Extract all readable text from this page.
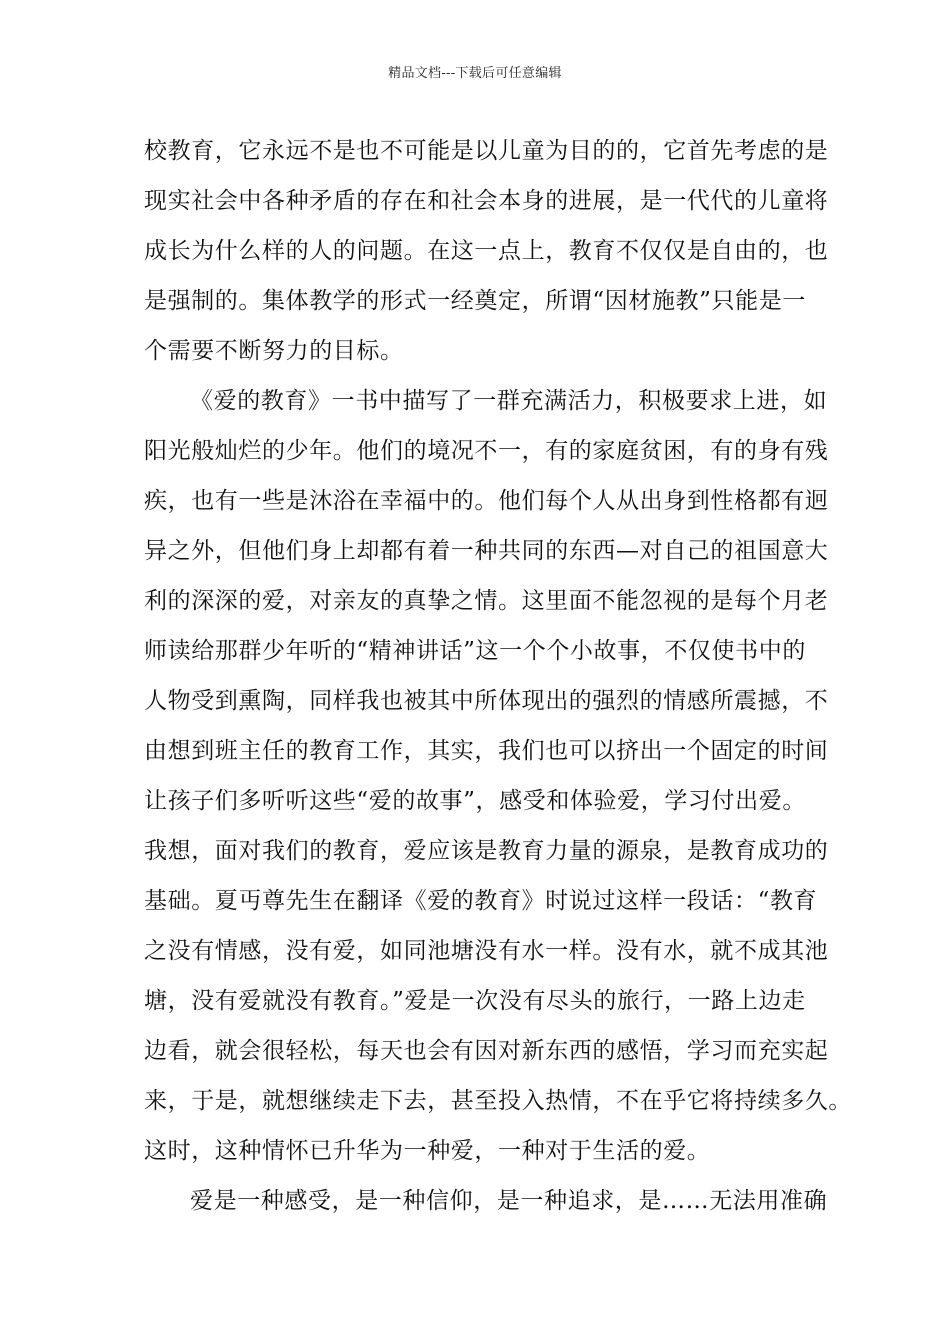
精品文档---下载后可任意编辑
校教育，它永远不是也不可能是以儿童为目的的，它首先考虑的是
现实社会中各种矛盾的存在和社会本身的进展，是一代代的儿童将
成长为什么样的人的问题。在这一点上，教育不仅仅是自由的，也
是强制的。集体教学的形式一经奠定，所谓“因材施教”只能是一
个需要不断努力的目标。
《爱的教育》一书中描写了一群充满活力，积极要求上进，如
阳光般灿烂的少年。他们的境况不一，有的家庭贫困，有的身有残
疾，也有一些是沐浴在幸福中的。他们每个人从出身到性格都有迥
异之外，但他们身上却都有着一种共同的东西—对自己的祖国意大
利的深深的爱，对亲友的真挚之情。这里面不能忽视的是每个月老
师读给那群少年听的“精神讲话”这一个个小故事，不仅使书中的
人物受到熏陶，同样我也被其中所体现出的强烈的情感所震撼，不
由想到班主任的教育工作，其实，我们也可以挤出一个固定的时间
让孩子们多听听这些“爱的故事”，感受和体验爱，学习付出爱。
我想，面对我们的教育，爱应该是教育力量的源泉，是教育成功的
基础。夏丏尊先生在翻译《爱的教育》时说过这样一段话：“教育
之没有情感，没有爱，如同池塘没有水一样。没有水，就不成其池
塘，没有爱就没有教育。”爱是一次没有尽头的旅行，一路上边走
边看，就会很轻松，每天也会有因对新东西的感悟，学习而充实起
来，于是，就想继续走下去，甚至投入热情，不在乎它将持续多久。
这时，这种情怀已升华为一种爱，一种对于生活的爱。
爱是一种感受，是一种信仰，是一种追求，是……无法用准确
